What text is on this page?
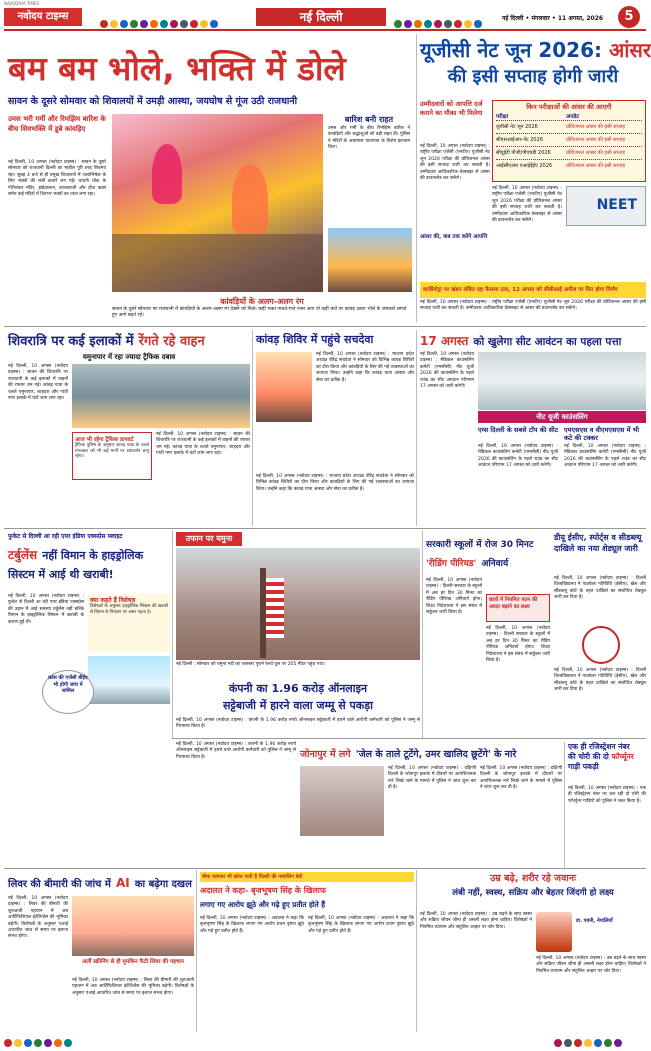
नवोदय टाइम्स
NAVODAYA TIMES
नई दिल्ली	नई दिल्ली • मंगलवार • 11 अगस्त, 2026	5
बम बम भोले, भक्ति में डोले
सावन के दूसरे सोमवार को शिवालयों में उमड़ी आस्था, जयघोष से गूंज उठी राजधानी
उमस भरी गर्मी और रिमझिम बारिश के बीच शिवभक्ति में डूबे कांवड़िए
नई दिल्ली, 10 अगस्त (नवोदय टाइम्स) : सावन के दूसरे सोमवार को राजधानी दिल्ली का माहौल पूरी तरह शिवमय रहा। सुबह 4 बजे से ही प्रमुख शिवालयों में जलाभिषेक के लिए भक्तों की लंबी कतारें लग गईं। चांदनी चौक के गौरीशंकर मंदिर, झंडेवालान, कालकाजी और हौज खास समेत कई मंदिरों में दिनभर भक्तों का तांता लगा रहा।
बारिश बनी राहत
उमस और गर्मी के बीच रिमझिम बारिश ने कांवड़ियों और श्रद्धालुओं को बड़ी राहत दी। पुलिस ने मंदिरों के आसपास यातायात के विशेष इंतजाम किए।
कांवड़ियों के अलग-अलग रंग
सावन के दूसरे सोमवार पर राजधानी में कांवड़ियों के अलग-अलग रंग देखने को मिले। कहीं भक्त नाचते-गाते नजर आए तो कहीं कंधे पर कांवड़ उठाए भोले के जयकारे लगाते हुए आगे बढ़ते रहे।
यूजीसी नेट जून 2026: आंसर
की इसी सप्ताह होगी जारी
उम्मीदवारों को आपत्ति दर्ज कराने का मौका भी मिलेगा
किन परीक्षाओं की आंसर की आएगी
परीक्षा	अपडेट
यूजीसी नेट जून 2026	प्रोविजनल आंसर की इसी सप्ताह
सीएसआईआर-नेट 2026	प्रोविजनल आंसर की इसी सप्ताह
सीयूईटी पीजी/पीएचडी 2026	प्रोविजनल आंसर की इसी सप्ताह
आईसीएआर एआईईईए 2026	प्रोविजनल आंसर की इसी सप्ताह
नई दिल्ली, 10 अगस्त (नवोदय टाइम्स) : राष्ट्रीय परीक्षा एजेंसी (एनटीए) यूजीसी नेट जून 2026 परीक्षा की प्रोविजनल आंसर की इसी सप्ताह जारी कर सकती है। उम्मीदवार आधिकारिक वेबसाइट से आंसर की डाउनलोड कर सकेंगे।
आंसर की, कब तक करेंगे आपत्ति
नई दिल्ली, 10 अगस्त (नवोदय टाइम्स) : राष्ट्रीय परीक्षा एजेंसी (एनटीए) यूजीसी नेट जून 2026 परीक्षा की प्रोविजनल आंसर की इसी सप्ताह जारी कर सकती है। उम्मीदवार आधिकारिक वेबसाइट से आंसर की डाउनलोड कर सकेंगे।
NEET
कार्डियोट्रा पर खंडन लंबित रहा फैसला टला, 12 अगस्त को सीबीआई अपील पर फिर होगा निर्णय
नई दिल्ली, 10 अगस्त (नवोदय टाइम्स) : राष्ट्रीय परीक्षा एजेंसी (एनटीए) यूजीसी नेट जून 2026 परीक्षा की प्रोविजनल आंसर की इसी सप्ताह जारी कर सकती है। उम्मीदवार आधिकारिक वेबसाइट से आंसर की डाउनलोड कर सकेंगे।
शिवरात्रि पर कई इलाकों में रेंगते रहे वाहन
यमुनापार में रहा ज्यादा ट्रैफिक दबाव
नई दिल्ली, 10 अगस्त (नवोदय टाइम्स) : सावन की शिवरात्रि पर राजधानी के कई इलाकों में वाहनों की रफ्तार थम गई। कांवड़ यात्रा के चलते यमुनापार, शाहदरा और गांधी नगर इलाके में घंटों जाम लगा रहा।
आज भी रहेगा ट्रैफिक डायवर्ट
ट्रैफिक पुलिस के अनुसार कांवड़ यात्रा के चलते मंगलवार को भी कई मार्गों पर डायवर्जन लागू रहेगा।
नई दिल्ली, 10 अगस्त (नवोदय टाइम्स) : सावन की शिवरात्रि पर राजधानी के कई इलाकों में वाहनों की रफ्तार थम गई। कांवड़ यात्रा के चलते यमुनापार, शाहदरा और गांधी नगर इलाके में घंटों जाम लगा रहा।
कांवड़ शिविर में पहुंचे सचदेवा
नई दिल्ली, 10 अगस्त (नवोदय टाइम्स) : भाजपा प्रदेश अध्यक्ष वीरेंद्र सचदेवा ने सोमवार को विभिन्न कांवड़ शिविरों का दौरा किया और कांवड़ियों के लिए की गई व्यवस्थाओं का जायजा लिया। उन्होंने कहा कि कांवड़ यात्रा आस्था और सेवा का प्रतीक है।
नई दिल्ली, 10 अगस्त (नवोदय टाइम्स) : भाजपा प्रदेश अध्यक्ष वीरेंद्र सचदेवा ने सोमवार को विभिन्न कांवड़ शिविरों का दौरा किया और कांवड़ियों के लिए की गई व्यवस्थाओं का जायजा लिया। उन्होंने कहा कि कांवड़ यात्रा आस्था और सेवा का प्रतीक है।
17 अगस्त को खुलेगा सीट आवंटन का पहला पत्ता
नई दिल्ली, 10 अगस्त (नवोदय टाइम्स) : मेडिकल काउंसलिंग कमेटी (एमसीसी) नीट यूजी 2026 की काउंसलिंग के पहले राउंड का सीट आवंटन परिणाम 17 अगस्त को जारी करेगी।
नीट यूजी काउंसलिंग
एम्स दिल्ली के सबसे टॉप की सीट
नई दिल्ली, 10 अगस्त (नवोदय टाइम्स) : मेडिकल काउंसलिंग कमेटी (एमसीसी) नीट यूजी 2026 की काउंसलिंग के पहले राउंड का सीट आवंटन परिणाम 17 अगस्त को जारी करेगी।
एमएसएस व वीएमएसएस में भी कटे की टक्कर
नई दिल्ली, 10 अगस्त (नवोदय टाइम्स) : मेडिकल काउंसलिंग कमेटी (एमसीसी) नीट यूजी 2026 की काउंसलिंग के पहले राउंड का सीट आवंटन परिणाम 17 अगस्त को जारी करेगी।
फुकेट से दिल्ली आ रही एयर इंडिया एक्सप्रेस फ्लाइट
टर्बुलेंस नहीं विमान के हाइड्रोलिक सिस्टम में आई थी खराबी!
नई दिल्ली, 10 अगस्त (नवोदय टाइम्स) : फुकेट से दिल्ली आ रही एयर इंडिया एक्सप्रेस की उड़ान में आई समस्या टर्बुलेंस नहीं बल्कि विमान के हाइड्रोलिक सिस्टम में खराबी के कारण हुई थी।
क्या कहते हैं विशेषज्ञ
विशेषज्ञों के अनुसार हाइड्रोलिक सिस्टम की खराबी से विमान के नियंत्रण पर असर पड़ता है।
फ्रांस की एजेंसी बीईए भी होगी जांच में शामिल
उफान पर यमुना
नई दिल्ली : सोमवार को यमुना नदी का जलस्तर पुराने रेलवे पुल पर 205 मीटर पहुंच गया।
कंपनी का 1.96 करोड़ ऑनलाइन
सट्टेबाजी में हारने वाला जम्मू से पकड़ा
नई दिल्ली, 10 अगस्त (नवोदय टाइम्स) : कंपनी के 1.96 करोड़ रुपये ऑनलाइन सट्टेबाजी में हारने वाले आरोपी कर्मचारी को पुलिस ने जम्मू से गिरफ्तार किया है।
सरकारी स्कूलों में रोज 30 मिनट 'रीडिंग पीरियड' अनिवार्य
नई दिल्ली, 10 अगस्त (नवोदय टाइम्स) : दिल्ली सरकार के स्कूलों में अब हर दिन 30 मिनट का रीडिंग पीरियड अनिवार्य होगा। शिक्षा निदेशालय ने इस संबंध में सर्कुलर जारी किया है।
छात्रों में नियमित पठन की आदत बढ़ाने का लक्ष्य
नई दिल्ली, 10 अगस्त (नवोदय टाइम्स) : दिल्ली सरकार के स्कूलों में अब हर दिन 30 मिनट का रीडिंग पीरियड अनिवार्य होगा। शिक्षा निदेशालय ने इस संबंध में सर्कुलर जारी किया है।
डीयू ईसीए, स्पोर्ट्स व सीडब्ल्यू
दाखिले का नया शेड्यूल जारी
नई दिल्ली, 10 अगस्त (नवोदय टाइम्स) : दिल्ली विश्वविद्यालय ने पाठ्येतर गतिविधि (ईसीए), खेल और सीडब्ल्यू कोटे के तहत दाखिले का संशोधित शेड्यूल जारी कर दिया है।
नई दिल्ली, 10 अगस्त (नवोदय टाइम्स) : दिल्ली विश्वविद्यालय ने पाठ्येतर गतिविधि (ईसीए), खेल और सीडब्ल्यू कोटे के तहत दाखिले का संशोधित शेड्यूल जारी कर दिया है।
जोनापुर में लगे 'जेल के ताले टूटेंगे, उमर खालिद छूटेंगे' के नारे
नई दिल्ली, 10 अगस्त (नवोदय टाइम्स) : दक्षिणी दिल्ली के जोनापुर इलाके में दीवारों पर आपत्तिजनक नारे लिखे जाने के मामले में पुलिस ने जांच शुरू कर दी है।
नई दिल्ली, 10 अगस्त (नवोदय टाइम्स) : दक्षिणी दिल्ली के जोनापुर इलाके में दीवारों पर आपत्तिजनक नारे लिखे जाने के मामले में पुलिस ने जांच शुरू कर दी है।
नई दिल्ली, 10 अगस्त (नवोदय टाइम्स) : कंपनी के 1.96 करोड़ रुपये ऑनलाइन सट्टेबाजी में हारने वाले आरोपी कर्मचारी को पुलिस ने जम्मू से गिरफ्तार किया है।
एक ही रजिस्ट्रेशन नंबर
की चोरी की दो फॉर्च्यूनर गाड़ी पकड़ी
नई दिल्ली, 10 अगस्त (नवोदय टाइम्स) : एक ही रजिस्ट्रेशन नंबर पर चल रही दो चोरी की फॉर्च्यूनर गाड़ियों को पुलिस ने जब्त किया है।
लिवर की बीमारी की जांच में AI का बढ़ेगा दखल
नई दिल्ली, 10 अगस्त (नवोदय टाइम्स) : लिवर की बीमारी की शुरुआती पहचान में अब आर्टिफिशियल इंटेलिजेंस की भूमिका बढ़ेगी। विशेषज्ञों के अनुसार एआई आधारित जांच से समय पर इलाज संभव होगा।
अर्ली स्क्रीनिंग से ही मुमकिन फैटी लिवर की पहचान
नई दिल्ली, 10 अगस्त (नवोदय टाइम्स) : लिवर की बीमारी की शुरुआती पहचान में अब आर्टिफिशियल इंटेलिजेंस की भूमिका बढ़ेगी। विशेषज्ञों के अनुसार एआई आधारित जांच से समय पर इलाज संभव होगा।
बीमा कराकर भी खोज पाती है दिल्ली की नाबालिग बेटी
अदालत ने कहा- बृजभूषण सिंह के खिलाफ
लगाए गए आरोप झूठे और गढ़े हुए प्रतीत होते हैं
नई दिल्ली, 10 अगस्त (नवोदय टाइम्स) : अदालत ने कहा कि बृजभूषण सिंह के खिलाफ लगाए गए आरोप प्रथम दृष्टया झूठे और गढ़े हुए प्रतीत होते हैं।
नई दिल्ली, 10 अगस्त (नवोदय टाइम्स) : अदालत ने कहा कि बृजभूषण सिंह के खिलाफ लगाए गए आरोप प्रथम दृष्टया झूठे और गढ़े हुए प्रतीत होते हैं।
उम्र बढ़े, शरीर रहे जवानः
लंबी नहीं, स्वस्थ, सक्रिय और बेहतर जिंदगी हो लक्ष्य
नई दिल्ली, 10 अगस्त (नवोदय टाइम्स) : उम्र बढ़ने के साथ स्वस्थ और सक्रिय जीवन जीना ही असली लक्ष्य होना चाहिए। विशेषज्ञों ने नियमित व्यायाम और संतुलित आहार पर जोर दिया।
डा. पवनी, नेपालियाँ
नई दिल्ली, 10 अगस्त (नवोदय टाइम्स) : उम्र बढ़ने के साथ स्वस्थ और सक्रिय जीवन जीना ही असली लक्ष्य होना चाहिए। विशेषज्ञों ने नियमित व्यायाम और संतुलित आहार पर जोर दिया।
